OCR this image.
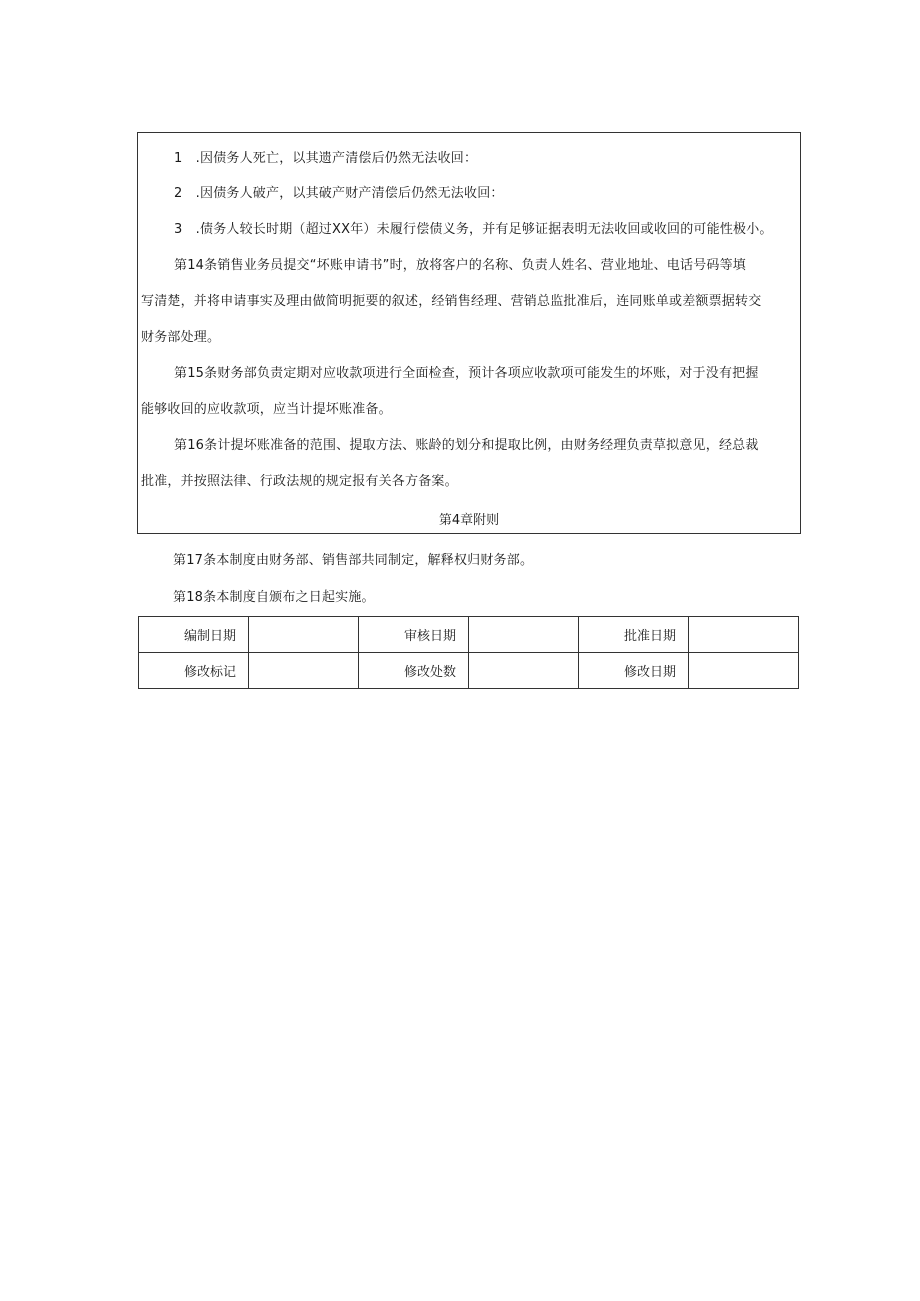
1　.因债务人死亡，以其遗产清偿后仍然无法收回：
2　.因债务人破产，以其破产财产清偿后仍然无法收回：
3　.债务人较长时期（超过XX年）未履行偿债义务，并有足够证据表明无法收回或收回的可能性极小。
第14条销售业务员提交“坏账申请书”时，放将客户的名称、负责人姓名、营业地址、电话号码等填
写清楚，并将申请事实及理由做简明扼要的叙述，经销售经理、营销总监批准后，连同账单或差额票据转交
财务部处理。
第15条财务部负责定期对应收款项进行全面检查，预计各项应收款项可能发生的坏账，对于没有把握
能够收回的应收款项，应当计提坏账准备。
第16条计提坏账准备的范围、提取方法、账龄的划分和提取比例，由财务经理负责草拟意见，经总裁
批准，并按照法律、行政法规的规定报有关各方备案。
第4章附则
第17条本制度由财务部、销售部共同制定，解释权归财务部。
第18条本制度自颁布之日起实施。
编制日期		审核日期		批准日期	
修改标记		修改处数		修改日期	
